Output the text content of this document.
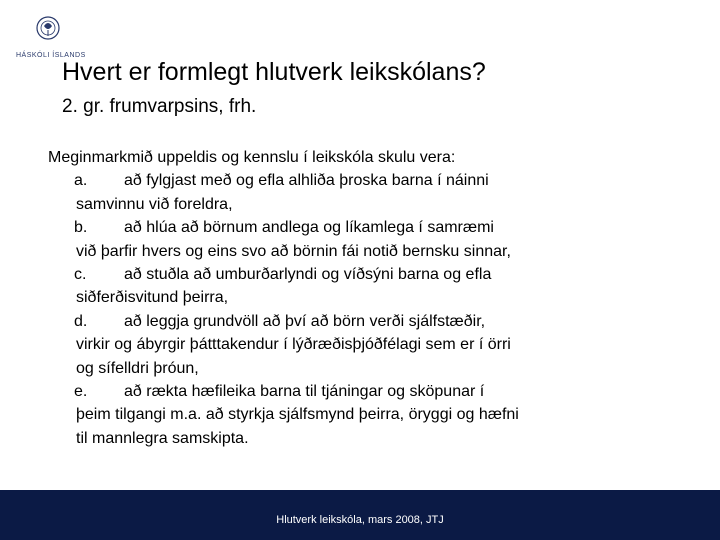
HÁSKÓLI ÍSLANDS
Hvert er formlegt hlutverk leikskólans?
2. gr. frumvarpsins, frh.
Meginmarkmið uppeldis og kennslu í leikskóla skulu vera:
a. að fylgjast með og efla alhliða þroska barna í náinni
samvinnu við foreldra,
b. að hlúa að börnum andlega og líkamlega í samræmi
við þarfir hvers og eins svo að börnin fái notið bernsku sinnar,
c. að stuðla að umburðarlyndi og víðsýni barna og efla
siðferðisvitund þeirra,
d. að leggja grundvöll að því að börn verði sjálfstæðir,
virkir og ábyrgir þátttakendur í lýðræðisþjóðfélagi sem er í örri
og sífelldri þróun,
e. að rækta hæfileika barna til tjáningar og sköpunar í
þeim tilgangi m.a. að styrkja sjálfsmynd þeirra, öryggi og hæfni
til mannlegra samskipta.
Hlutverk leikskóla, mars 2008, JTJ
